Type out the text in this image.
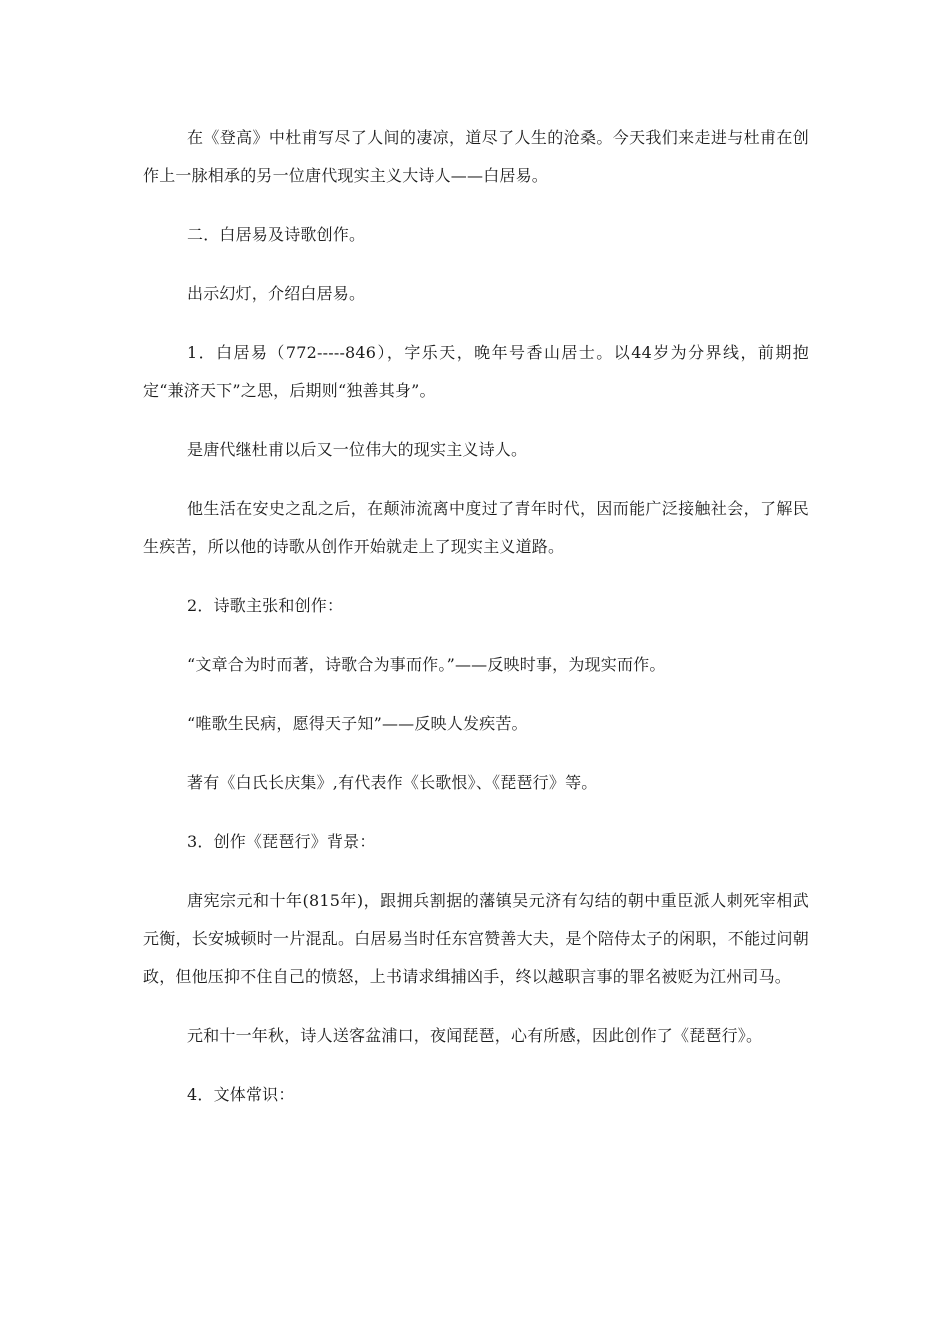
在《登高》中杜甫写尽了人间的凄凉，道尽了人生的沧桑。今天我们来走进与杜甫在创作上一脉相承的另一位唐代现实主义大诗人——白居易。

二．白居易及诗歌创作。

出示幻灯，介绍白居易。

1．白居易（772-----846），字乐天，晚年号香山居士。以44岁为分界线，前期抱定“兼济天下”之思，后期则“独善其身”。

是唐代继杜甫以后又一位伟大的现实主义诗人。

他生活在安史之乱之后，在颠沛流离中度过了青年时代，因而能广泛接触社会，了解民生疾苦，所以他的诗歌从创作开始就走上了现实主义道路。

2．诗歌主张和创作：

“文章合为时而著，诗歌合为事而作。”——反映时事，为现实而作。

“唯歌生民病，愿得天子知”——反映人发疾苦。

著有《白氏长庆集》,有代表作《长歌恨》、《琵琶行》等。

3．创作《琵琶行》背景：

唐宪宗元和十年(815年)，跟拥兵割据的藩镇吴元济有勾结的朝中重臣派人刺死宰相武元衡，长安城顿时一片混乱。白居易当时任东宫赞善大夫，是个陪侍太子的闲职，不能过问朝政，但他压抑不住自己的愤怒，上书请求缉捕凶手，终以越职言事的罪名被贬为江州司马。

元和十一年秋，诗人送客盆浦口，夜闻琵琶，心有所感，因此创作了《琵琶行》。

4．文体常识：
